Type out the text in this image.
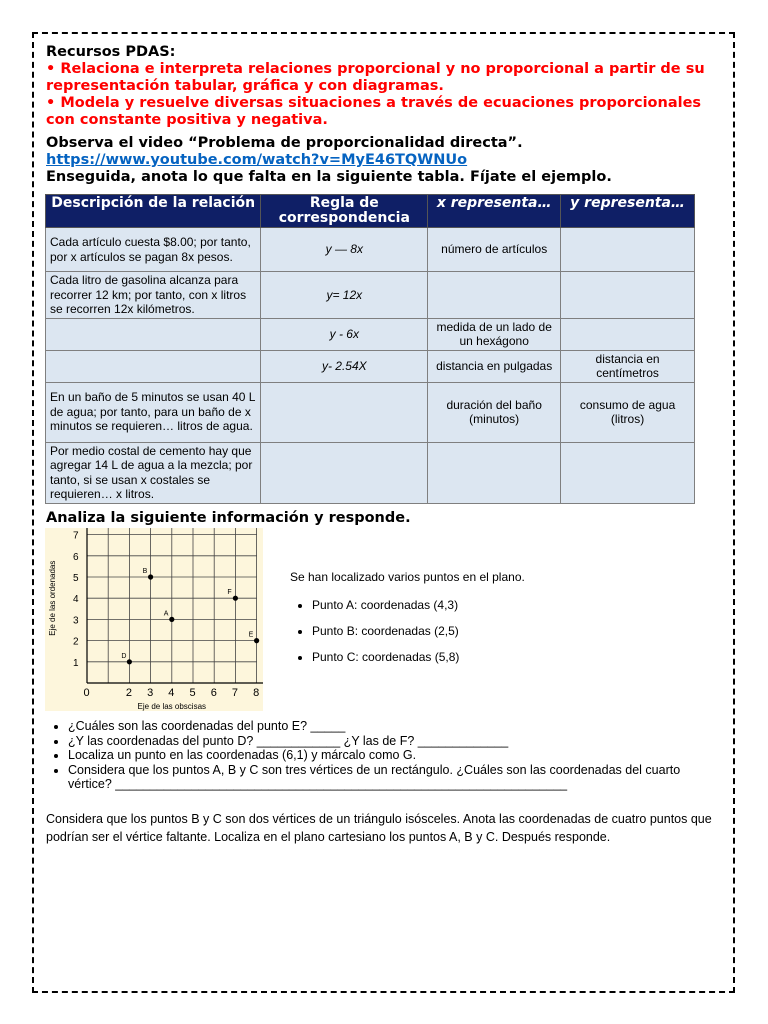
Recursos PDAS:

• Relaciona e interpreta relaciones proporcional y no proporcional a partir de su representación tabular, gráfica y con diagramas.

• Modela y resuelve diversas situaciones a través de ecuaciones proporcionales con constante positiva y negativa.

Observa el video “Problema de proporcionalidad directa”.

https://www.youtube.com/watch?v=MyE46TQWNUo

Enseguida, anota lo que falta en la siguiente tabla. Fíjate el ejemplo.

Descripción de la relación	Regla de correspondencia	x representa…	y representa…
Cada artículo cuesta $8.00; por tanto, por x artículos se pagan 8x pesos.	y — 8x	número de artículos	
Cada litro de gasolina alcanza para recorrer 12 km; por tanto, con x litros se recorren 12x kilómetros.	y= 12x		
	y - 6x	medida de un lado de un hexágono	
	y- 2.54X	distancia en pulgadas	distancia en centímetros
En un baño de 5 minutos se usan 40 L de agua; por tanto, para un baño de x minutos se requieren… litros de agua.		duración del baño (minutos)	consumo de agua (litros)
Por medio costal de cemento hay que agregar 14 L de agua a la mezcla; por tanto, si se usan x costales se requieren… x litros.			

Analiza la siguiente información y responde.

0	2 3 4 5 6 7 8
1
2
3
4
5
6
7
Eje de las obscisas
Eje de las ordenadas	A
B
D
E
F

Se han localizado varios puntos en el plano.

• Punto A: coordenadas (4,3)
• Punto B: coordenadas (2,5)
• Punto C: coordenadas (5,8)
• ¿Cuáles son las coordenadas del punto E? _____
• ¿Y las coordenadas del punto D? ____________ ¿Y las de F? _____________
• Localiza un punto en las coordenadas (6,1) y márcalo como G.
• Considera que los puntos A, B y C son tres vértices de un rectángulo. ¿Cuáles son las coordenadas del cuarto vértice? _________________________________________________________________

Considera que los puntos B y C son dos vértices de un triángulo isósceles. Anota las coordenadas de cuatro puntos que podrían ser el vértice faltante. Localiza en el plano cartesiano los puntos A, B y C. Después responde.
